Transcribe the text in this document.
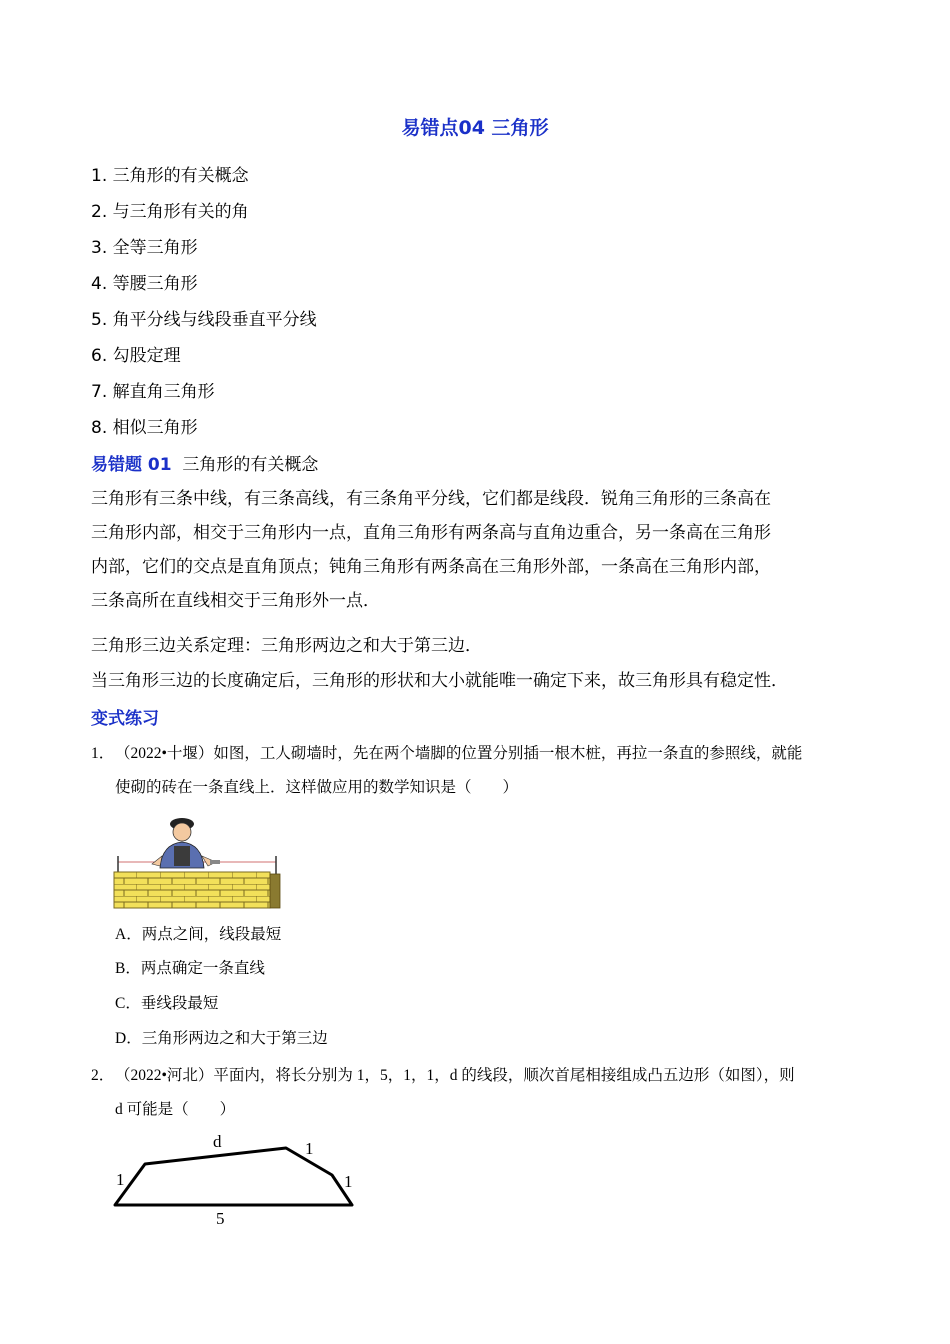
易错点04 三角形
1. 三角形的有关概念
2. 与三角形有关的角
3. 全等三角形
4. 等腰三角形
5. 角平分线与线段垂直平分线
6. 勾股定理
7. 解直角三角形
8. 相似三角形
易错题 01 三角形的有关概念
三角形有三条中线，有三条高线，有三条角平分线，它们都是线段．锐角三角形的三条高在
三角形内部，相交于三角形内一点，直角三角形有两条高与直角边重合，另一条高在三角形
内部，它们的交点是直角顶点；钝角三角形有两条高在三角形外部，一条高在三角形内部，
三条高所在直线相交于三角形外一点．
三角形三边关系定理：三角形两边之和大于第三边．
当三角形三边的长度确定后，三角形的形状和大小就能唯一确定下来，故三角形具有稳定性．
变式练习
1．（2022•十堰）如图，工人砌墙时，先在两个墙脚的位置分别插一根木桩，再拉一条直的参照线，就能
使砌的砖在一条直线上．这样做应用的数学知识是（　　）
A．两点之间，线段最短
B．两点确定一条直线
C．垂线段最短
D．三角形两边之和大于第三边
2．（2022•河北）平面内，将长分别为 1，5，1，1，d 的线段，顺次首尾相接组成凸五边形（如图），则
d 可能是（　　）
d
1
1
1
5
